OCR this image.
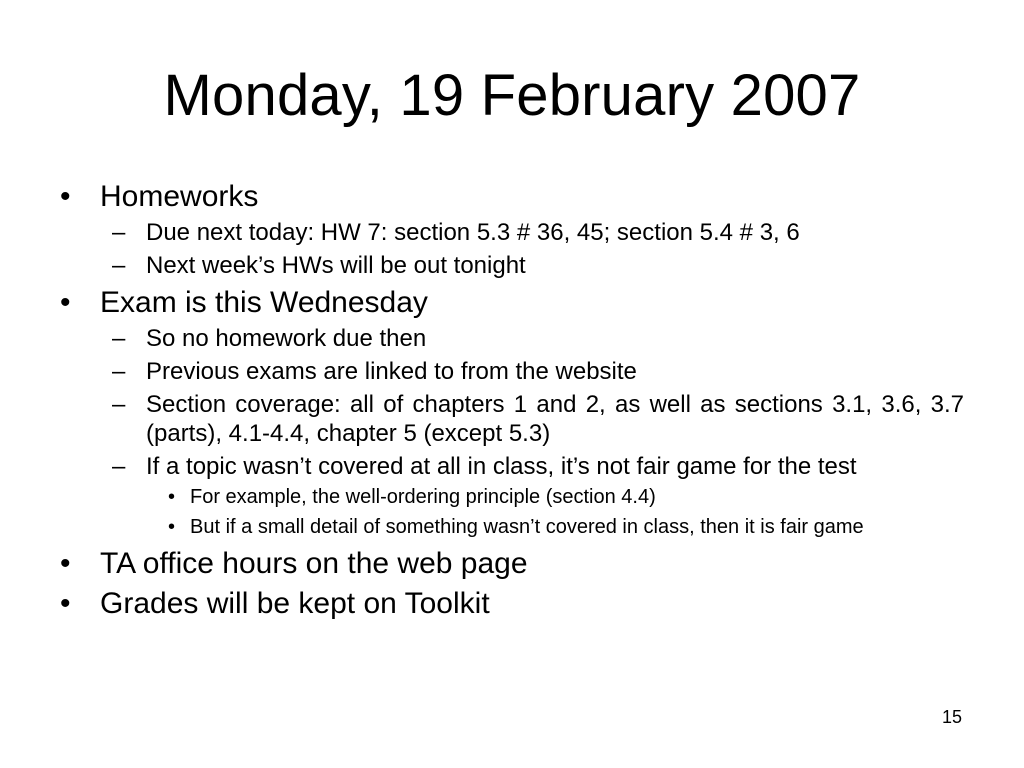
Monday, 19 February 2007
• Homeworks
– Due next today: HW 7: section 5.3 # 36, 45; section 5.4 # 3, 6
– Next week’s HWs will be out tonight
• Exam is this Wednesday
– So no homework due then
– Previous exams are linked to from the website
– Section coverage: all of chapters 1 and 2, as well as sections 3.1, 3.6, 3.7 (parts), 4.1-4.4, chapter 5 (except 5.3)
– If a topic wasn’t covered at all in class, it’s not fair game for the test
• For example, the well-ordering principle (section 4.4)
• But if a small detail of something wasn’t covered in class, then it is fair game
• TA office hours on the web page
• Grades will be kept on Toolkit
15
